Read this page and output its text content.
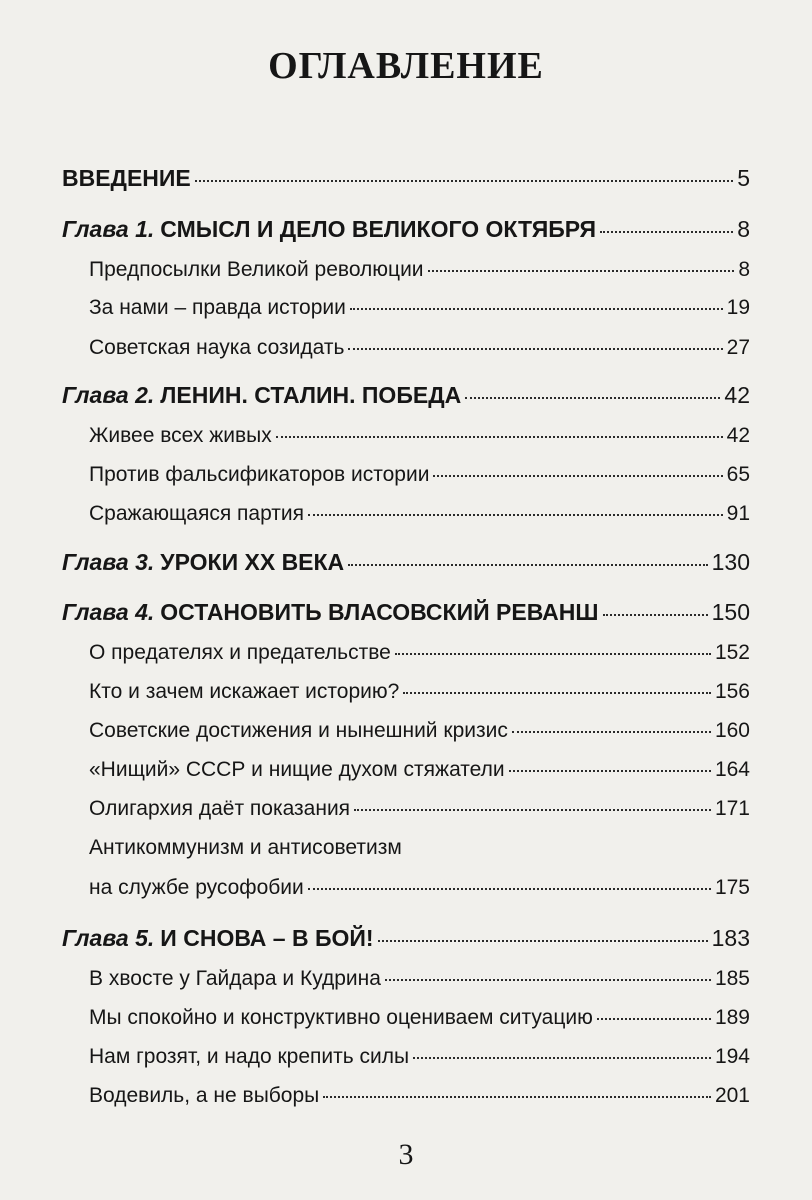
ОГЛАВЛЕНИЕ
ВВЕДЕНИЕ	5
Глава 1. СМЫСЛ И ДЕЛО ВЕЛИКОГО ОКТЯБРЯ	8
Предпосылки Великой революции	8
За нами – правда истории	19
Советская наука созидать	27
Глава 2. ЛЕНИН. СТАЛИН. ПОБЕДА	42
Живее всех живых	42
Против фальсификаторов истории	65
Сражающаяся партия	91
Глава 3. УРОКИ XX ВЕКА	130
Глава 4. ОСТАНОВИТЬ ВЛАСОВСКИЙ РЕВАНШ	150
О предателях и предательстве	152
Кто и зачем искажает историю?	156
Советские достижения и нынешний кризис	160
«Нищий» СССР и нищие духом стяжатели	164
Олигархия даёт показания	171
Антикоммунизм и антисоветизм
на службе русофобии	175
Глава 5. И СНОВА – В БОЙ!	183
В хвосте у Гайдара и Кудрина	185
Мы спокойно и конструктивно оцениваем ситуацию	189
Нам грозят, и надо крепить силы	194
Водевиль, а не выборы	201
3
